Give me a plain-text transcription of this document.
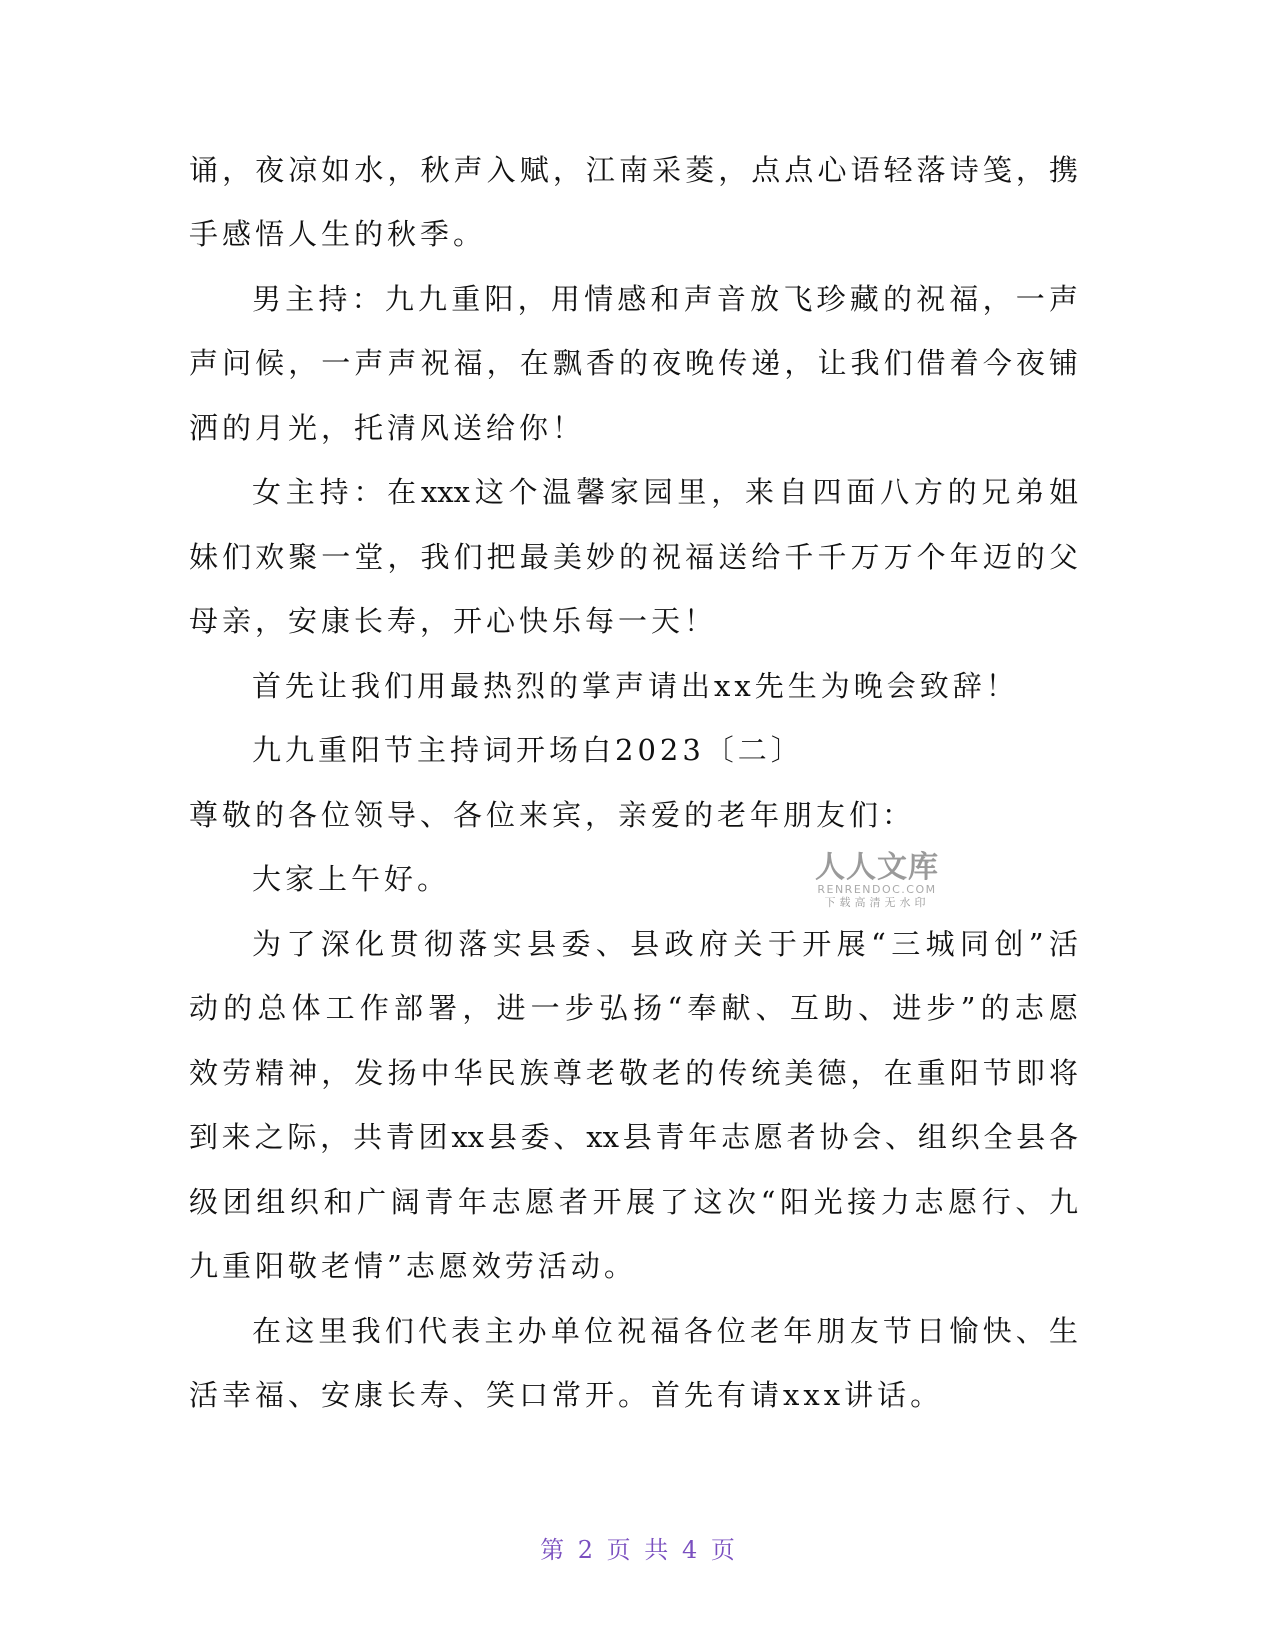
诵，夜凉如水，秋声入赋，江南采菱，点点心语轻落诗笺，携
手感悟人生的秋季。
男主持：九九重阳，用情感和声音放飞珍藏的祝福，一声
声问候，一声声祝福，在飘香的夜晚传递，让我们借着今夜铺
洒的月光，托清风送给你！
女主持：在xxx这个温馨家园里，来自四面八方的兄弟姐
妹们欢聚一堂，我们把最美妙的祝福送给千千万万个年迈的父
母亲，安康长寿，开心快乐每一天！
首先让我们用最热烈的掌声请出xx先生为晚会致辞！
九九重阳节主持词开场白2023〔二〕
尊敬的各位领导、各位来宾，亲爱的老年朋友们：
大家上午好。
为了深化贯彻落实县委、县政府关于开展“三城同创”活
动的总体工作部署，进一步弘扬“奉献、互助、进步”的志愿
效劳精神，发扬中华民族尊老敬老的传统美德，在重阳节即将
到来之际，共青团xx县委、xx县青年志愿者协会、组织全县各
级团组织和广阔青年志愿者开展了这次“阳光接力志愿行、九
九重阳敬老情”志愿效劳活动。
在这里我们代表主办单位祝福各位老年朋友节日愉快、生
活幸福、安康长寿、笑口常开。首先有请xxx讲话。
人人文库
RENRENDOC.COM
下载高清无水印
第 2 页 共 4 页
